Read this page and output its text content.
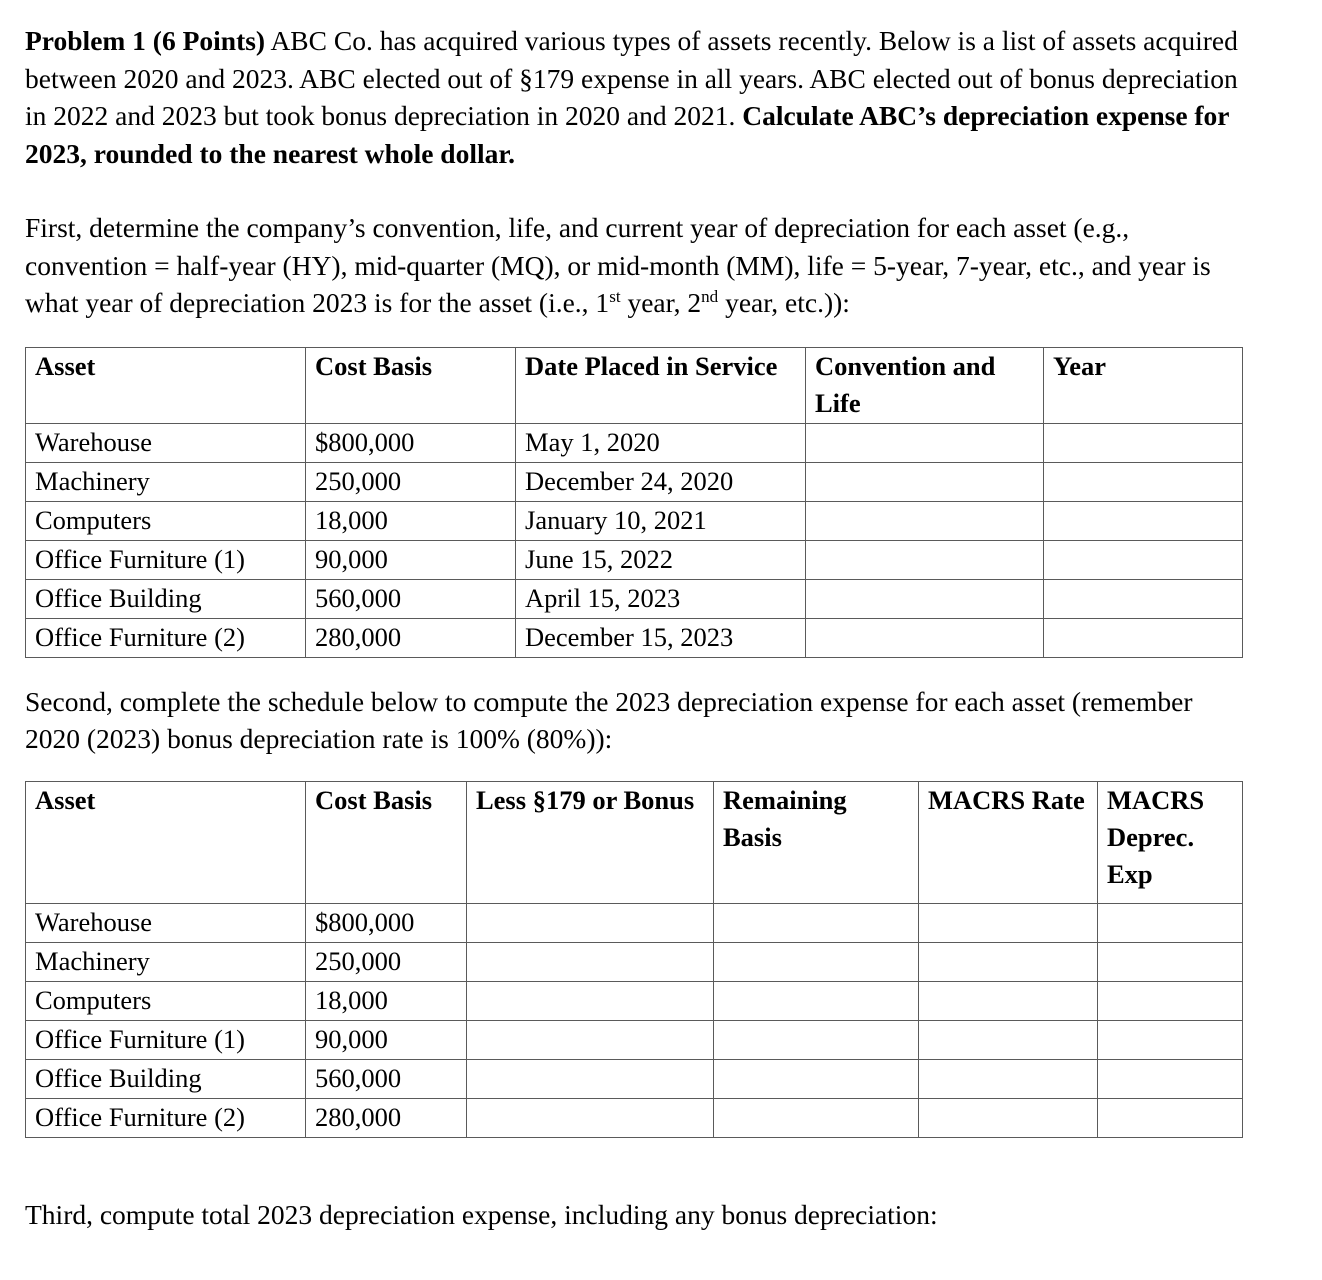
Problem 1 (6 Points) ABC Co. has acquired various types of assets recently. Below is a list of assets acquired between 2020 and 2023. ABC elected out of §179 expense in all years. ABC elected out of bonus depreciation in 2022 and 2023 but took bonus depreciation in 2020 and 2021. Calculate ABC’s depreciation expense for 2023, rounded to the nearest whole dollar.

First, determine the company’s convention, life, and current year of depreciation for each asset (e.g., convention = half-year (HY), mid-quarter (MQ), or mid-month (MM), life = 5-year, 7-year, etc., and year is what year of depreciation 2023 is for the asset (i.e., 1st year, 2nd year, etc.)):

Asset	Cost Basis	Date Placed in Service	Convention and Life	Year
Warehouse	$800,000	May 1, 2020		
Machinery	250,000	December 24, 2020		
Computers	18,000	January 10, 2021		
Office Furniture (1)	90,000	June 15, 2022		
Office Building	560,000	April 15, 2023		
Office Furniture (2)	280,000	December 15, 2023		

Second, complete the schedule below to compute the 2023 depreciation expense for each asset (remember 2020 (2023) bonus depreciation rate is 100% (80%)):

Asset	Cost Basis	Less §179 or Bonus	Remaining Basis	MACRS Rate	MACRS Deprec. Exp
Warehouse	$800,000				
Machinery	250,000				
Computers	18,000				
Office Furniture (1)	90,000				
Office Building	560,000				
Office Furniture (2)	280,000				

Third, compute total 2023 depreciation expense, including any bonus depreciation:
